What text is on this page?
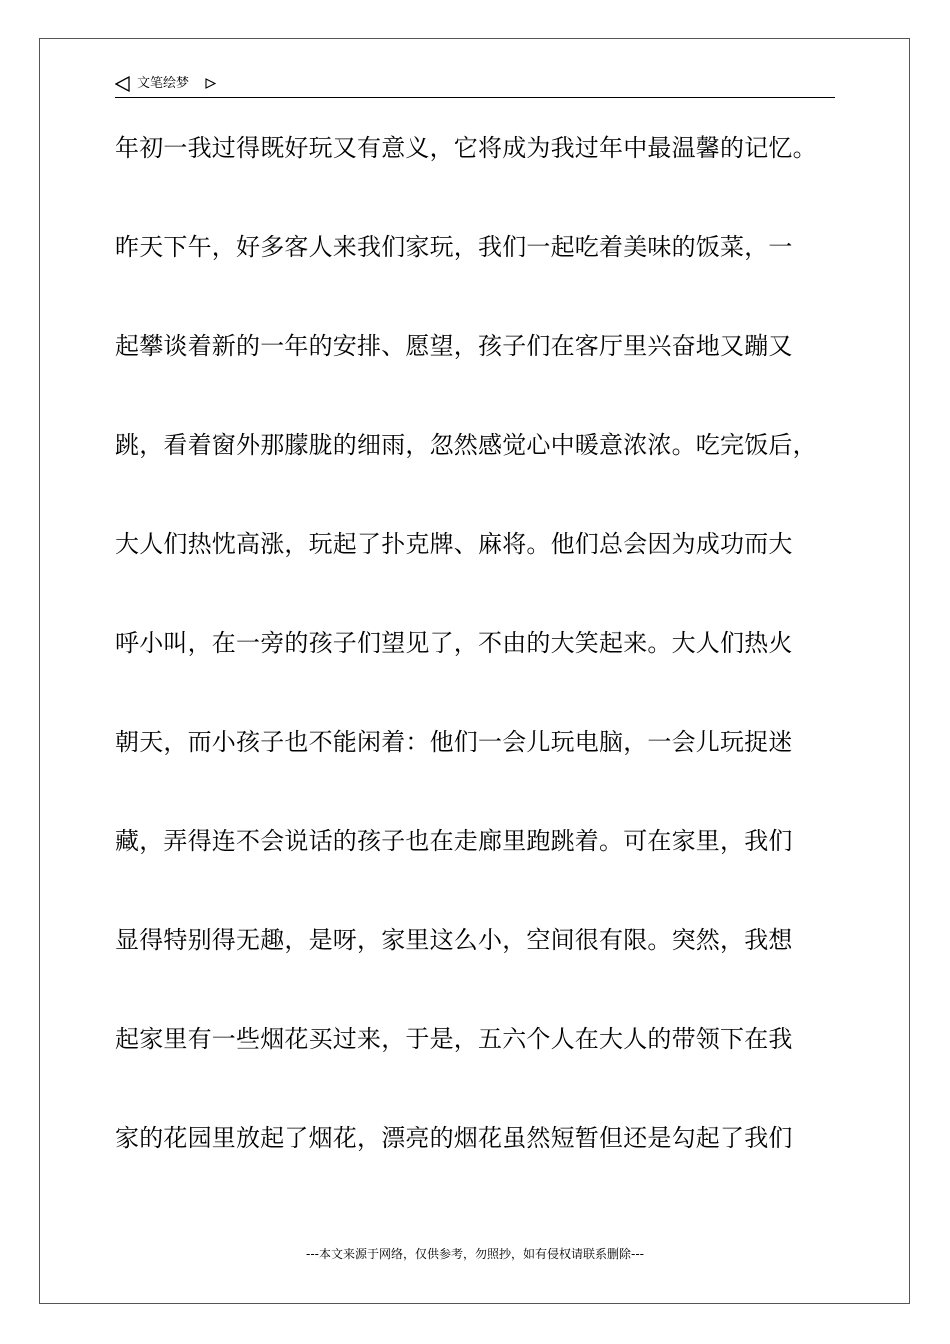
文笔绘梦
年初一我过得既好玩又有意义，它将成为我过年中最温馨的记忆。
昨天下午，好多客人来我们家玩，我们一起吃着美味的饭菜，一
起攀谈着新的一年的安排、愿望，孩子们在客厅里兴奋地又蹦又
跳，看着窗外那朦胧的细雨，忽然感觉心中暖意浓浓。吃完饭后，
大人们热忱高涨，玩起了扑克牌、麻将。他们总会因为成功而大
呼小叫，在一旁的孩子们望见了，不由的大笑起来。大人们热火
朝天，而小孩子也不能闲着：他们一会儿玩电脑，一会儿玩捉迷
藏，弄得连不会说话的孩子也在走廊里跑跳着。可在家里，我们
显得特别得无趣，是呀，家里这么小，空间很有限。突然，我想
起家里有一些烟花买过来，于是，五六个人在大人的带领下在我
家的花园里放起了烟花，漂亮的烟花虽然短暂但还是勾起了我们
---本文来源于网络，仅供参考，勿照抄，如有侵权请联系删除---
